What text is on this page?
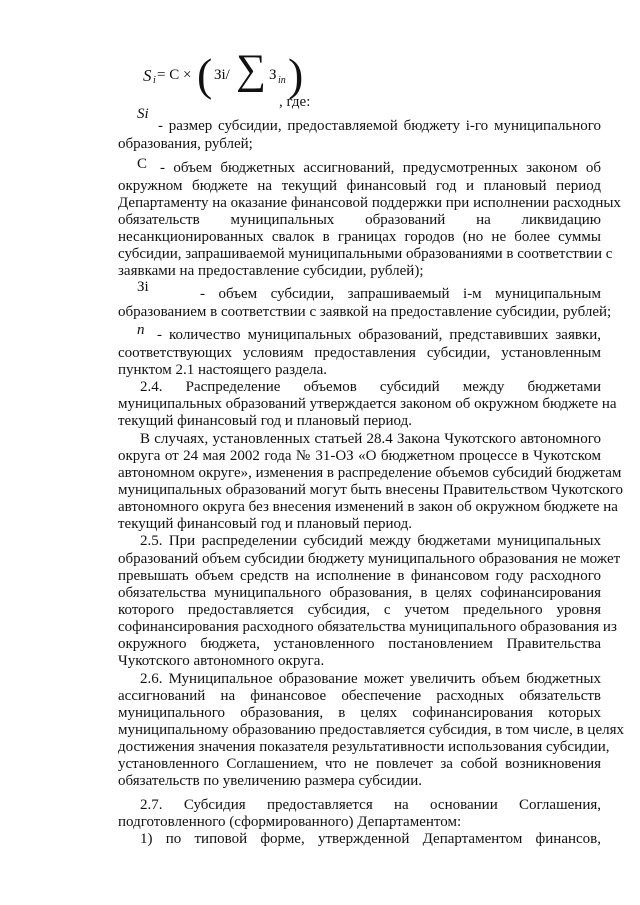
S i = C × ( Зi/ ∑ З in )
, где:
Si
- размер субсидии, предоставляемой бюджету i-го муниципального
образования, рублей;
C - объем бюджетных ассигнований, предусмотренных законом об
окружном бюджете на текущий финансовый год и плановый период
Департаменту на оказание финансовой поддержки при исполнении расходных
обязательств муниципальных образований на ликвидацию
несанкционированных свалок в границах городов (но не более суммы
субсидии, запрашиваемой муниципальными образованиями в соответствии с
заявками на предоставление субсидии, рублей);
Зi	- объем субсидии, запрашиваемый i-м муниципальным
образованием в соответствии с заявкой на предоставление субсидии, рублей;
n - количество муниципальных образований, представивших заявки,
соответствующих условиям предоставления субсидии, установленным
пунктом 2.1 настоящего раздела.
2.4. Распределение объемов субсидий между бюджетами
муниципальных образований утверждается законом об окружном бюджете на
текущий финансовый год и плановый период.
В случаях, установленных статьей 28.4 Закона Чукотского автономного
округа от 24 мая 2002 года № 31-ОЗ «О бюджетном процессе в Чукотском
автономном округе», изменения в распределение объемов субсидий бюджетам
муниципальных образований могут быть внесены Правительством Чукотского
автономного округа без внесения изменений в закон об окружном бюджете на
текущий финансовый год и плановый период.
2.5. При распределении субсидий между бюджетами муниципальных
образований объем субсидии бюджету муниципального образования не может
превышать объем средств на исполнение в финансовом году расходного
обязательства муниципального образования, в целях софинансирования
которого предоставляется субсидия, с учетом предельного уровня
софинансирования расходного обязательства муниципального образования из
окружного бюджета, установленного постановлением Правительства
Чукотского автономного округа.
2.6. Муниципальное образование может увеличить объем бюджетных
ассигнований на финансовое обеспечение расходных обязательств
муниципального образования, в целях софинансирования которых
муниципальному образованию предоставляется субсидия, в том числе, в целях
достижения значения показателя результативности использования субсидии,
установленного Соглашением, что не повлечет за собой возникновения
обязательств по увеличению размера субсидии.
2.7. Субсидия предоставляется на основании Соглашения,
подготовленного (сформированного) Департаментом:
1) по типовой форме, утвержденной Департаментом финансов,
